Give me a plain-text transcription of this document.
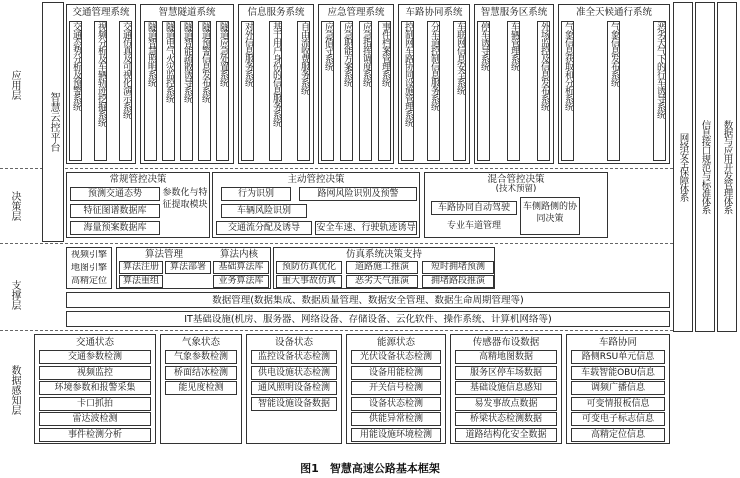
应用层
决策层
支撑层
数据感知层
智慧云控平台
交通管理系统
交通态势分析及预警系统 视频分析及车辆轨迹挖掘系统 交通仿真及可视化演示系统
智慧隧道系统
隧道智慧照明系统 隧道电气火灾监控系统 隧道智能疏散诱导系统 隧道预警信息发布系统 隧道应急处置系统
信息服务系统
对外信息服务系统 基于用户身份的信息服务系统 自由流收费服务系统
应急管理系统
应急值守系统 应急职能方案系统 应急指挥调度系统 事件档案管理系统
车路协同系统
控制网车路协同设施管理系统 分车道控制信息服务系统 车联网信息安全系统
智慧服务区系统
停车诱导系统 车辆管理系统 外场监控及信息发布系统
准全天候通行系统
气象信息获取和分析系统	气象信息发布系统	恶劣天气下的行车诱导系统
网络安全保障体系 信息接口规范与标准体系 数据与应用开发管理体系
常规管控决策
预测交通态势
特征图谱数据库
海量预案数据库
参数化与特征提取模块
主动管控决策
行为识别	路网风险识别及预警
车辆风险识别
交通流分配及诱导	安全车速、行驶轨迹诱导
混合管控决策
(技术预留)
车路协同自动驾驶	车侧路侧的协同决策
专业车道管理
视频引擎
地图引擎
高精定位
算法管理	算法内核
算法注册	算法部署
算法重组
基础算法库
业务算法库
仿真系统决策支持
预防仿真优化	道路施工推演	短时拥堵预测
重大事故仿真	恶劣天气推演	拥堵路段推演
数据管理(数据集成、数据质量管理、数据安全管理、数据生命周期管理等)
IT基础设施(机房、服务器、网络设备、存储设备、云化软件、操作系统、计算机网络等)
交通状态
交通参数检测
视频监控
环境参数和报警采集
卡口抓拍
雷达波检测
事件检测分析
气象状态
气象参数检测
桥面结冰检测
能见度检测
设备状态
监控设备状态检测
供电设施状态检测
通风照明设备检测
智能设施设备数据
能源状态
光伏设备状态检测
设备用能检测
开关信号检测
设备状态检测
供能异常检测
用能设施环境检测
传感器布设数据
高精地图数据
服务区停车场数据
基础设施信息感知
易发事故点数据
桥梁状态检测数据
道路结构化安全数据
车路协同
路侧RSU单元信息
车载智能OBU信息
调频广播信息
可变情报板信息
可变电子标志信息
高精定位信息
图1　智慧高速公路基本框架
